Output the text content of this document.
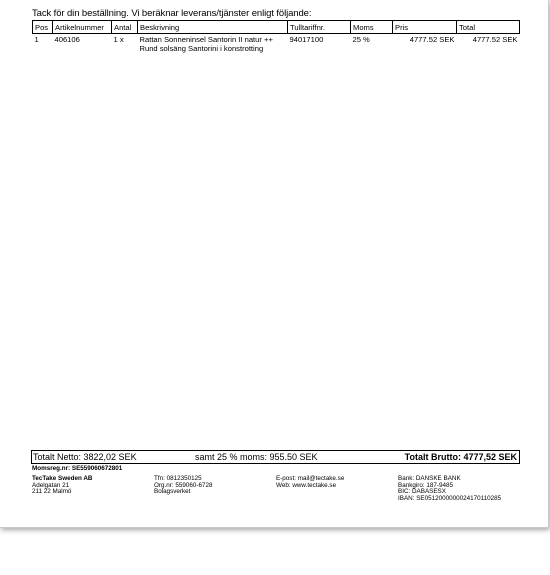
Tack för din beställning. Vi beräknar leverans/tjänster enligt följande:
Pos	Artikelnummer	Antal	Beskrivning	Tulltariffnr.	Moms	Pris	Total
1	406106	1 x	Rattan Sonneninsel Santorin II natur ++
Rund solsäng Santorini i konstrotting	94017100	25 %	4777.52 SEK	4777.52 SEK
Totalt Netto: 3822,02 SEK	samt 25 % moms: 955.50 SEK	Totalt Brutto: 4777,52 SEK
Momsreg.nr: SE559060672801
TecTake Sweden AB
Adelgatan 21
211 22 Malmö
Tfn: 0812350125
Org.nr: 559060-6728
Bolagsverket
E-post: mail@tectake.se
Web: www.tectake.se
Bank: DANSKE BANK
Bankgiro: 187-9485
BIC: DABASESX
IBAN: SE0512000000024170110285
